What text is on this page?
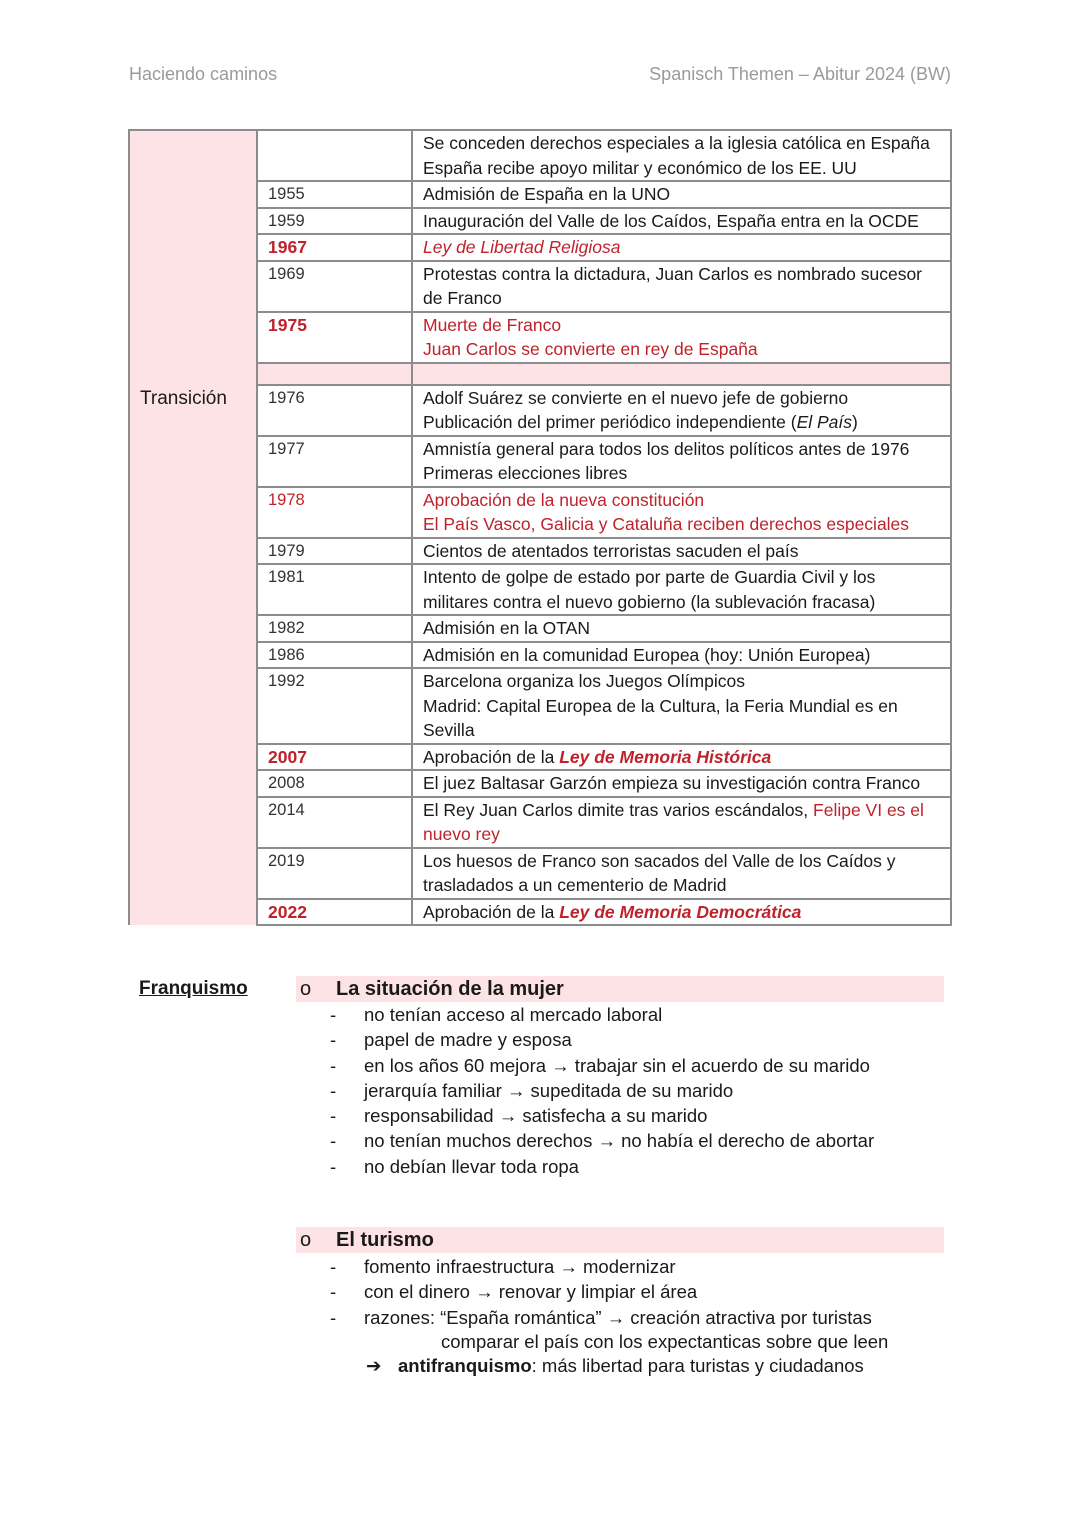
Haciendo caminos	Spanisch Themen – Abitur 2024 (BW)

		Se conceden derechos especiales a la iglesia católica en España
España recibe apoyo militar y económico de los EE. UU

	1955	Admisión de España en la UNO

	1959	Inauguración del Valle de los Caídos, España entra en la OCDE

	1967	Ley de Libertad Religiosa

	1969	Protestas contra la dictadura, Juan Carlos es nombrado sucesor de Franco

	1975	Muerte de Franco
Juan Carlos se convierte en rey de España

Transición	1976	Adolf Suárez se convierte en el nuevo jefe de gobierno
Publicación del primer periódico independiente (El País)

	1977	Amnistía general para todos los delitos políticos antes de 1976
Primeras elecciones libres

	1978	Aprobación de la nueva constitución
El País Vasco, Galicia y Cataluña reciben derechos especiales

	1979	Cientos de atentados terroristas sacuden el país
	1981	Intento de golpe de estado por parte de Guardia Civil y los militares contra el nuevo gobierno (la sublevación fracasa)
	1982	Admisión en la OTAN
	1986	Admisión en la comunidad Europea (hoy: Unión Europea)
	1992	Barcelona organiza los Juegos Olímpicos
Madrid: Capital Europea de la Cultura, la Feria Mundial es en Sevilla

	2007	Aprobación de la Ley de Memoria Histórica
	2008	El juez Baltasar Garzón empieza su investigación contra Franco
	2014	El Rey Juan Carlos dimite tras varios escándalos, Felipe VI es el nuevo rey
	2019	Los huesos de Franco son sacados del Valle de los Caídos y trasladados a un cementerio de Madrid
	2022	Aprobación de la Ley de Memoria Democrática
Franquismo	o La situación de la mujer
- no tenían acceso al mercado laboral
- papel de madre y esposa
- en los años 60 mejora → trabajar sin el acuerdo de su marido
- jerarquía familiar → supeditada de su marido
- responsabilidad → satisfecha a su marido
- no tenían muchos derechos → no había el derecho de abortar
- no debían llevar toda ropa
o El turismo
- fomento infraestructura → modernizar
- con el dinero → renovar y limpiar el área
- razones: “España romántica” → creación atractiva por turistas
comparar el país con los expectanticas sobre que leen
➔ antifranquismo: más libertad para turistas y ciudadanos
